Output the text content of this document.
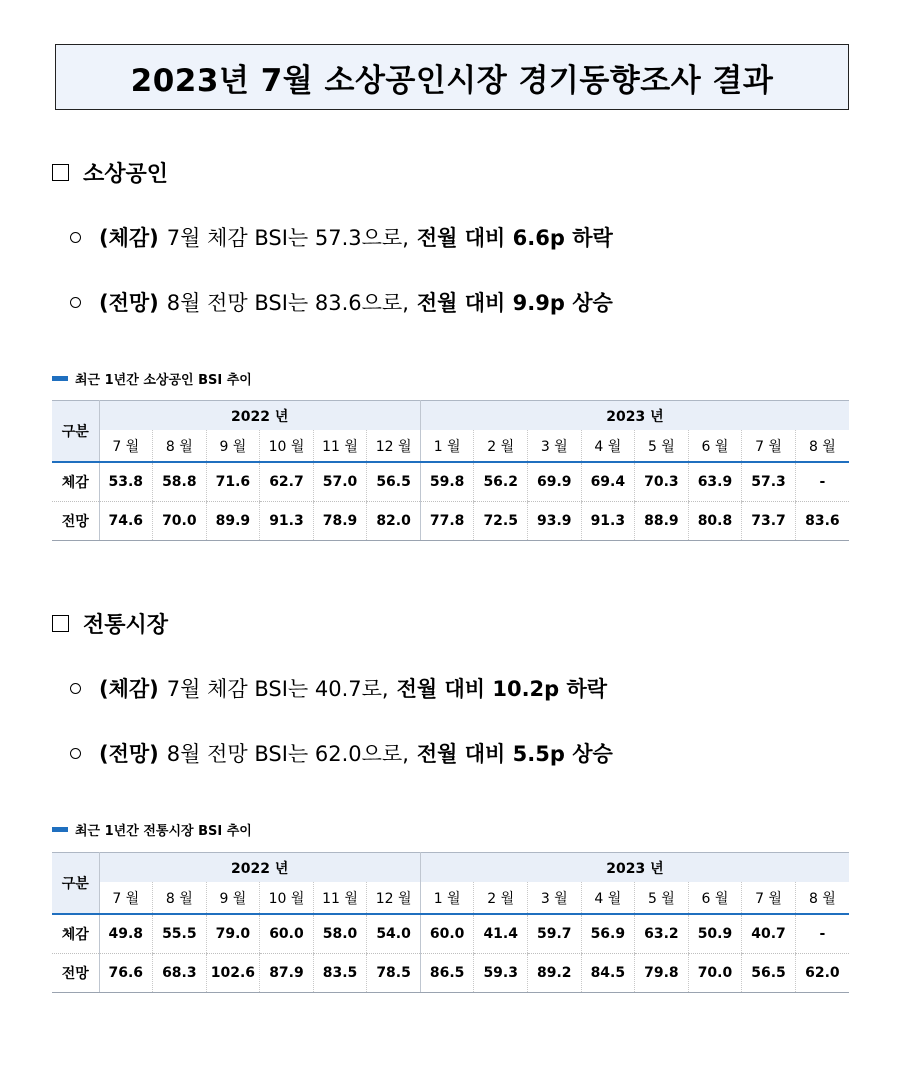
2023년 7월 소상공인시장 경기동향조사 결과
소상공인
(체감) 7월 체감 BSI는 57.3으로, 전월 대비 6.6p 하락
(전망) 8월 전망 BSI는 83.6으로, 전월 대비 9.9p 상승
최근 1년간 소상공인 BSI 추이
구분	2022 년						2023 년							
	7 월	8 월	9 월	10 월	11 월	12 월	1 월	2 월	3 월	4 월	5 월	6 월	7 월	8 월
체감	53.8	58.8	71.6	62.7	57.0	56.5	59.8	56.2	69.9	69.4	70.3	63.9	57.3	-
전망	74.6	70.0	89.9	91.3	78.9	82.0	77.8	72.5	93.9	91.3	88.9	80.8	73.7	83.6
전통시장
(체감) 7월 체감 BSI는 40.7로, 전월 대비 10.2p 하락
(전망) 8월 전망 BSI는 62.0으로, 전월 대비 5.5p 상승
최근 1년간 전통시장 BSI 추이
구분	2022 년						2023 년							
	7 월	8 월	9 월	10 월	11 월	12 월	1 월	2 월	3 월	4 월	5 월	6 월	7 월	8 월
체감	49.8	55.5	79.0	60.0	58.0	54.0	60.0	41.4	59.7	56.9	63.2	50.9	40.7	-
전망	76.6	68.3	102.6	87.9	83.5	78.5	86.5	59.3	89.2	84.5	79.8	70.0	56.5	62.0
